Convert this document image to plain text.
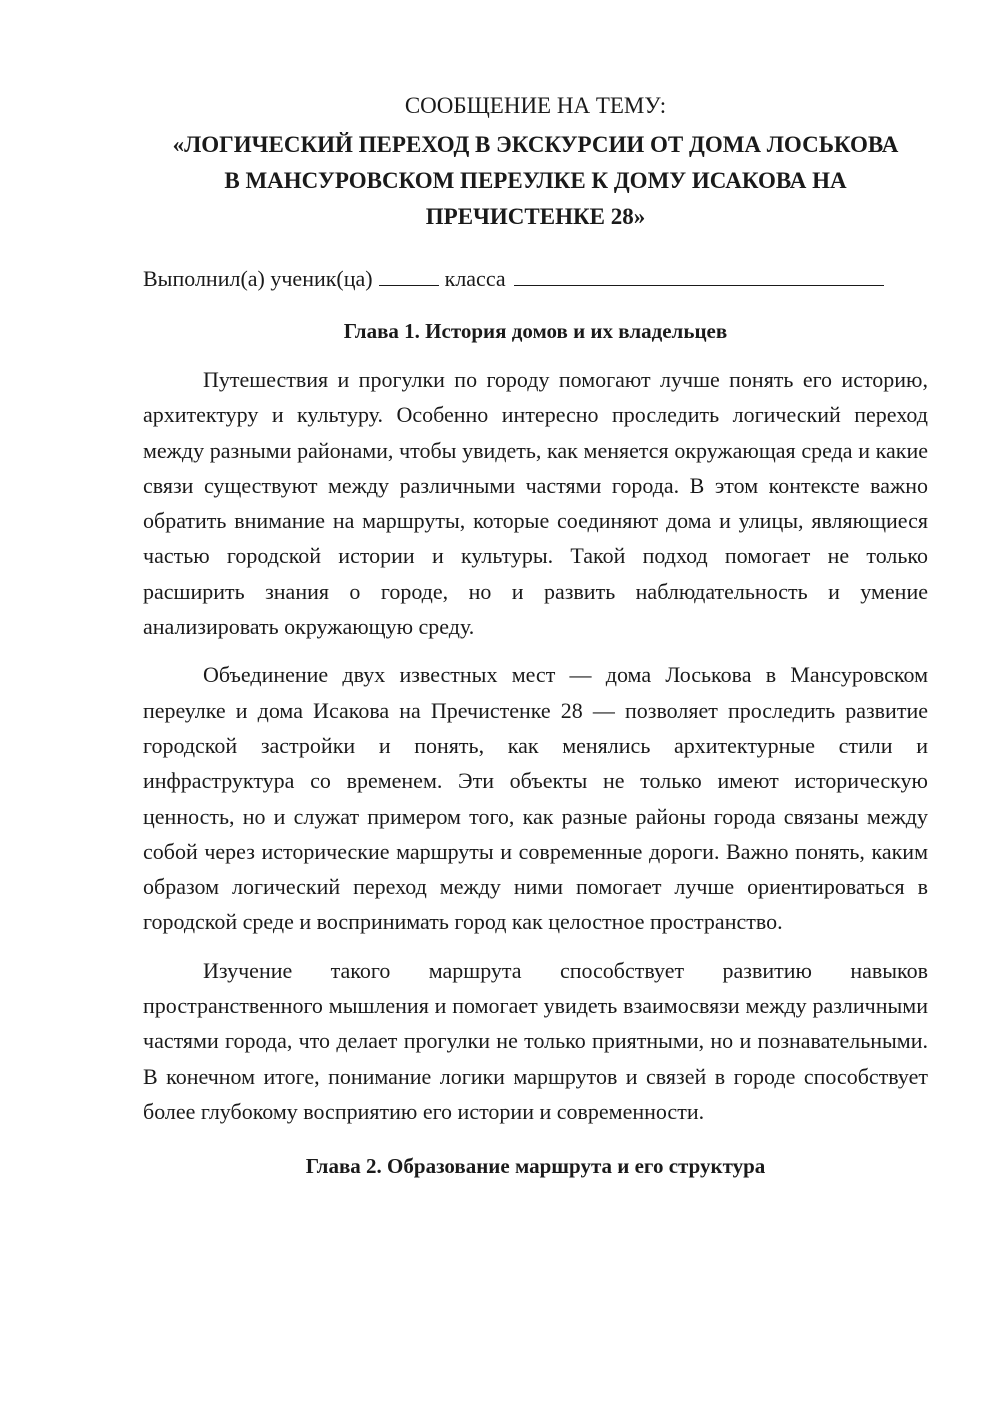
СООБЩЕНИЕ НА ТЕМУ:

«ЛОГИЧЕСКИЙ ПЕРЕХОД В ЭКСКУРСИИ ОТ ДОМА ЛОСЬКОВА
В МАНСУРОВСКОМ ПЕРЕУЛКЕ К ДОМУ ИСАКОВА НА
ПРЕЧИСТЕНКЕ 28»

Выполнил(а) ученик(ца)	класса

Глава 1. История домов и их владельцев

Путешествия и прогулки по городу помогают лучше понять его историю, архитектуру и культуру. Особенно интересно проследить логический переход между разными районами, чтобы увидеть, как меняется окружающая среда и какие связи существуют между различными частями города. В этом контексте важно обратить внимание на маршруты, которые соединяют дома и улицы, являющиеся частью городской истории и культуры. Такой подход помогает не только расширить знания о городе, но и развить наблюдательность и умение анализировать окружающую среду.

Объединение двух известных мест — дома Лоськова в Мансуровском переулке и дома Исакова на Пречистенке 28 — позволяет проследить развитие городской застройки и понять, как менялись архитектурные стили и инфраструктура со временем. Эти объекты не только имеют историческую ценность, но и служат примером того, как разные районы города связаны между собой через исторические маршруты и современные дороги. Важно понять, каким образом логический переход между ними помогает лучше ориентироваться в городской среде и воспринимать город как целостное пространство.

Изучение такого маршрута способствует развитию навыков пространственного мышления и помогает увидеть взаимосвязи между различными частями города, что делает прогулки не только приятными, но и познавательными. В конечном итоге, понимание логики маршрутов и связей в городе способствует более глубокому восприятию его истории и современности.

Глава 2. Образование маршрута и его структура
